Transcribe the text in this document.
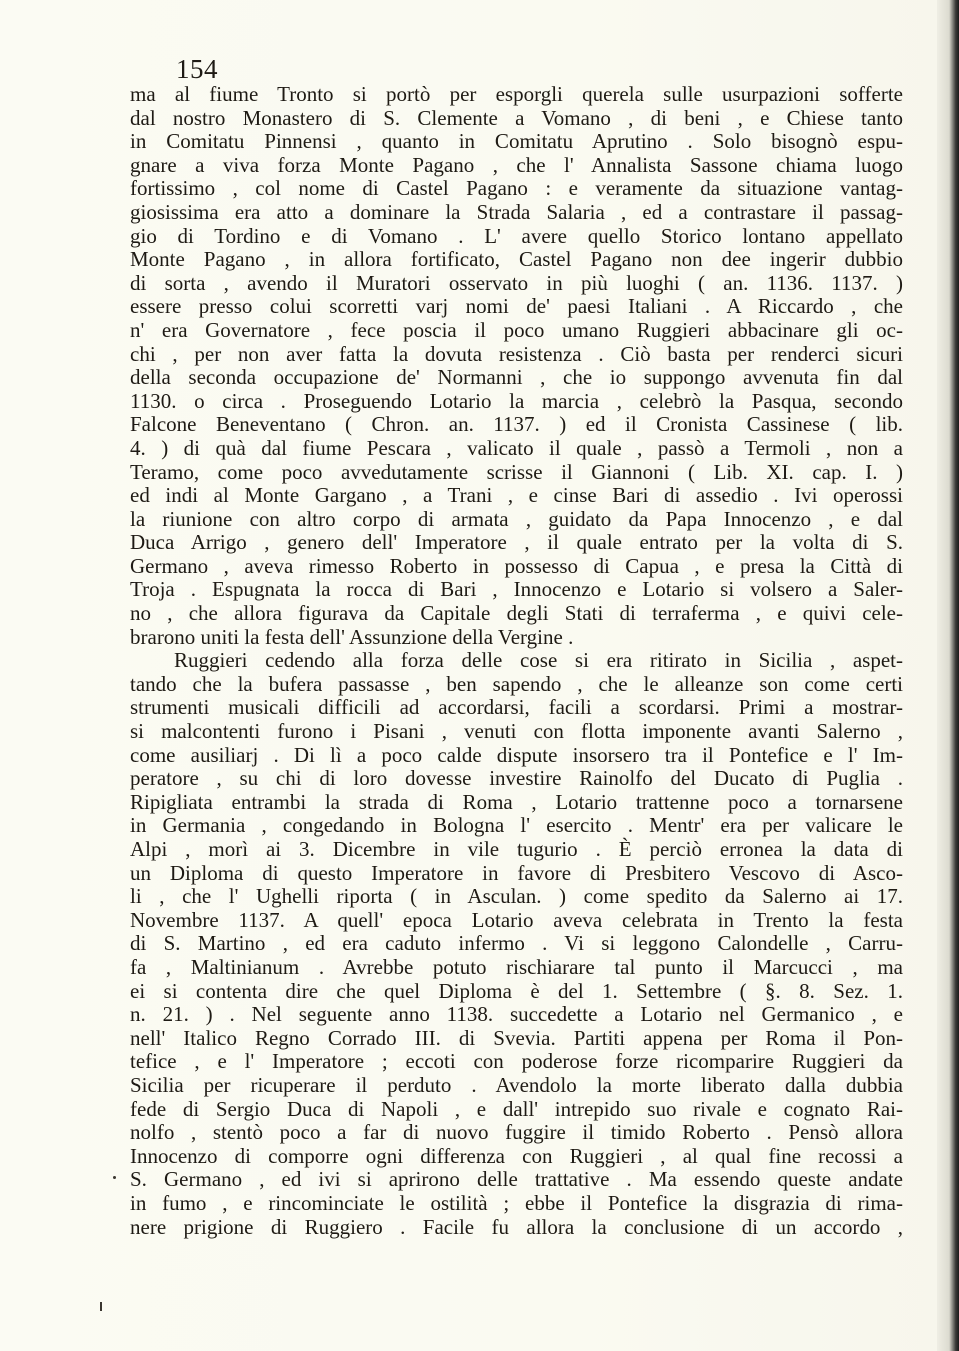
154
ma al fiume Tronto si portò per esporgli querela sulle usurpazioni sofferte
dal nostro Monastero di S. Clemente a Vomano , di beni , e Chiese tanto
in Comitatu Pinnensi , quanto in Comitatu Aprutino . Solo bisognò espu-
gnare a viva forza Monte Pagano , che l' Annalista Sassone chiama luogo
fortissimo , col nome di Castel Pagano : e veramente da situazione vantag-
giosissima era atto a dominare la Strada Salaria , ed a contrastare il passag-
gio di Tordino e di Vomano . L' avere quello Storico lontano appellato
Monte Pagano , in allora fortificato, Castel Pagano non dee ingerir dubbio
di sorta , avendo il Muratori osservato in più luoghi ( an. 1136. 1137. )
essere presso colui scorretti varj nomi de' paesi Italiani . A Riccardo , che
n' era Governatore , fece poscia il poco umano Ruggieri abbacinare gli oc-
chi , per non aver fatta la dovuta resistenza . Ciò basta per renderci sicuri
della seconda occupazione de' Normanni , che io suppongo avvenuta fin dal
1130. o circa . Proseguendo Lotario la marcia , celebrò la Pasqua, secondo
Falcone Beneventano ( Chron. an. 1137. ) ed il Cronista Cassinese ( lib.
4. ) di quà dal fiume Pescara , valicato il quale , passò a Termoli , non a
Teramo, come poco avvedutamente scrisse il Giannoni ( Lib. XI. cap. I. )
ed indi al Monte Gargano , a Trani , e cinse Bari di assedio . Ivi operossi
la riunione con altro corpo di armata , guidato da Papa Innocenzo , e dal
Duca Arrigo , genero dell' Imperatore , il quale entrato per la volta di S.
Germano , aveva rimesso Roberto in possesso di Capua , e presa la Città di
Troja . Espugnata la rocca di Bari , Innocenzo e Lotario si volsero a Saler-
no , che allora figurava da Capitale degli Stati di terraferma , e quivi cele-
brarono uniti la festa dell' Assunzione della Vergine .
Ruggieri cedendo alla forza delle cose si era ritirato in Sicilia , aspet-
tando che la bufera passasse , ben sapendo , che le alleanze son come certi
strumenti musicali difficili ad accordarsi, facili a scordarsi. Primi a mostrar-
si malcontenti furono i Pisani , venuti con flotta imponente avanti Salerno ,
come ausiliarj . Di lì a poco calde dispute insorsero tra il Pontefice e l' Im-
peratore , su chi di loro dovesse investire Rainolfo del Ducato di Puglia .
Ripigliata entrambi la strada di Roma , Lotario trattenne poco a tornarsene
in Germania , congedando in Bologna l' esercito . Mentr' era per valicare le
Alpi , morì ai 3. Dicembre in vile tugurio . È perciò erronea la data di
un Diploma di questo Imperatore in favore di Presbitero Vescovo di Asco-
li , che l' Ughelli riporta ( in Asculan. ) come spedito da Salerno ai 17.
Novembre 1137. A quell' epoca Lotario aveva celebrata in Trento la festa
di S. Martino , ed era caduto infermo . Vi si leggono Calondelle , Carru-
fa , Maltinianum . Avrebbe potuto rischiarare tal punto il Marcucci , ma
ei si contenta dire che quel Diploma è del 1. Settembre ( §. 8. Sez. 1.
n. 21. ) . Nel seguente anno 1138. succedette a Lotario nel Germanico , e
nell' Italico Regno Corrado III. di Svevia. Partiti appena per Roma il Pon-
tefice , e l' Imperatore ; eccoti con poderose forze ricomparire Ruggieri da
Sicilia per ricuperare il perduto . Avendolo la morte liberato dalla dubbia
fede di Sergio Duca di Napoli , e dall' intrepido suo rivale e cognato Rai-
nolfo , stentò poco a far di nuovo fuggire il timido Roberto . Pensò allora
Innocenzo di comporre ogni differenza con Ruggieri , al qual fine recossi a
S. Germano , ed ivi si aprirono delle trattative . Ma essendo queste andate
in fumo , e rincominciate le ostilità ; ebbe il Pontefice la disgrazia di rima-
nere prigione di Ruggiero . Facile fu allora la conclusione di un accordo ,
